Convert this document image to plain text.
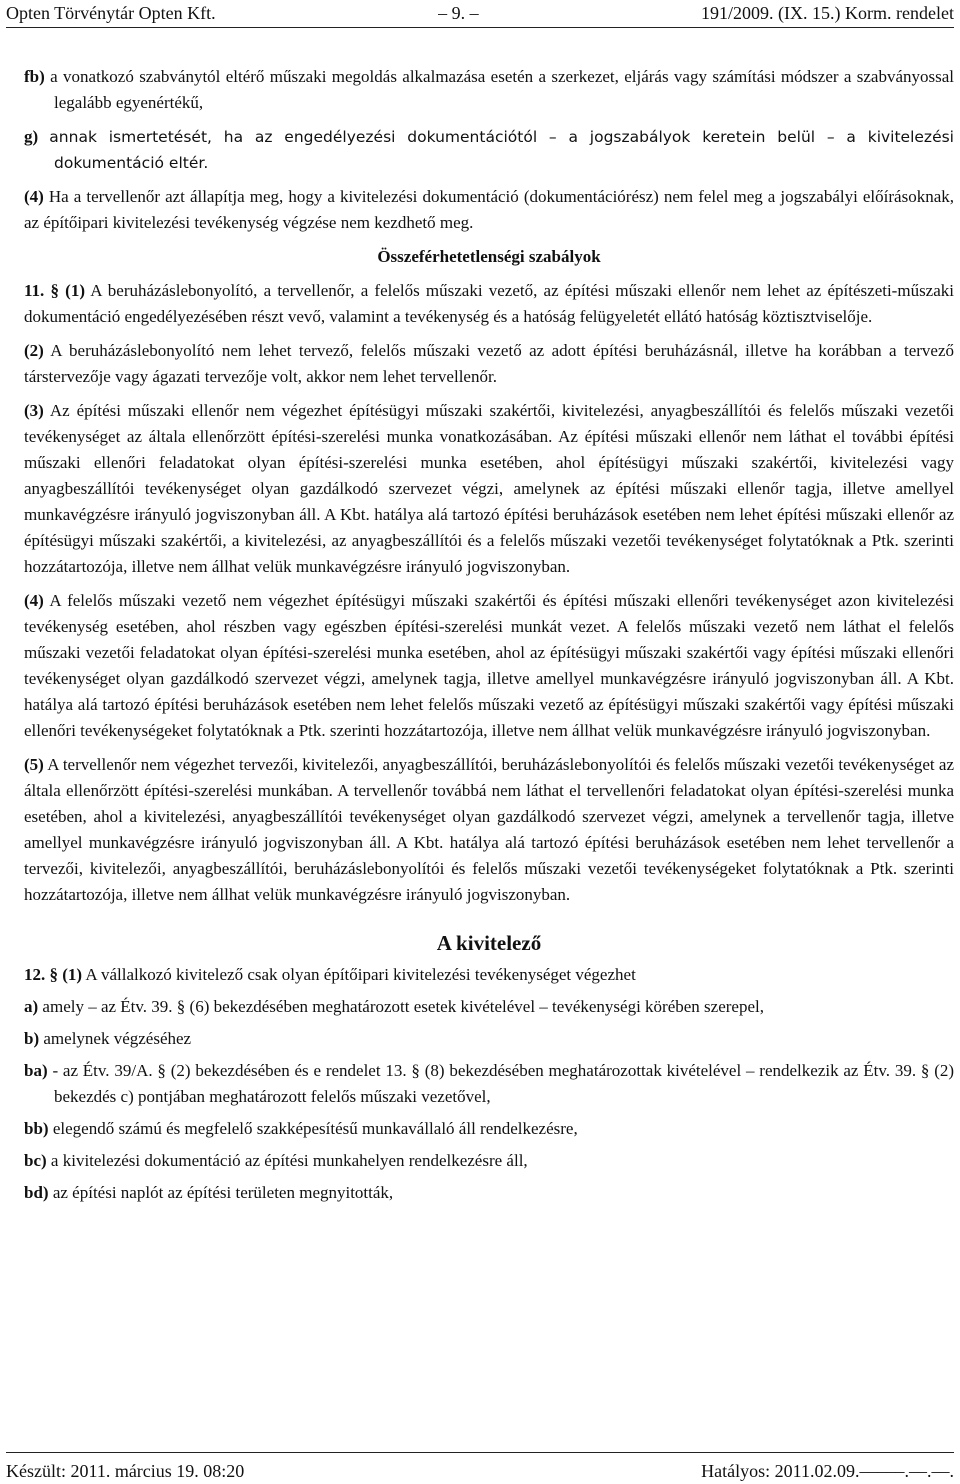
Opten Törvénytár Opten Kft.	– 9. –	191/2009. (IX. 15.) Korm. rendelet

fb) a vonatkozó szabványtól eltérő műszaki megoldás alkalmazása esetén a szerkezet, eljárás vagy számítási módszer a szabványossal legalább egyenértékű,

g) annak ismertetését, ha az engedélyezési dokumentációtól – a jogszabályok keretein belül – a kivitelezési dokumentáció eltér.

(4) Ha a tervellenőr azt állapítja meg, hogy a kivitelezési dokumentáció (dokumentációrész) nem felel meg a jogszabályi előírásoknak, az építőipari kivitelezési tevékenység végzése nem kezdhető meg.

Összeférhetetlenségi szabályok

11. § (1) A beruházáslebonyolító, a tervellenőr, a felelős műszaki vezető, az építési műszaki ellenőr nem lehet az építészeti-műszaki dokumentáció engedélyezésében részt vevő, valamint a tevékenység és a hatóság felügyeletét ellátó hatóság köztisztviselője.

(2) A beruházáslebonyolító nem lehet tervező, felelős műszaki vezető az adott építési beruházásnál, illetve ha korábban a tervező társtervezője vagy ágazati tervezője volt, akkor nem lehet tervellenőr.

(3) Az építési műszaki ellenőr nem végezhet építésügyi műszaki szakértői, kivitelezési, anyagbeszállítói és felelős műszaki vezetői tevékenységet az általa ellenőrzött építési-szerelési munka vonatkozásában. Az építési műszaki ellenőr nem láthat el további építési műszaki ellenőri feladatokat olyan építési-szerelési munka esetében, ahol építésügyi műszaki szakértői, kivitelezési vagy anyagbeszállítói tevékenységet olyan gazdálkodó szervezet végzi, amelynek az építési műszaki ellenőr tagja, illetve amellyel munkavégzésre irányuló jogviszonyban áll. A Kbt. hatálya alá tartozó építési beruházások esetében nem lehet építési műszaki ellenőr az építésügyi műszaki szakértői, a kivitelezési, az anyagbeszállítói és a felelős műszaki vezetői tevékenységet folytatóknak a Ptk. szerinti hozzátartozója, illetve nem állhat velük munkavégzésre irányuló jogviszonyban.

(4) A felelős műszaki vezető nem végezhet építésügyi műszaki szakértői és építési műszaki ellenőri tevékenységet azon kivitelezési tevékenység esetében, ahol részben vagy egészben építési-szerelési munkát vezet. A felelős műszaki vezető nem láthat el felelős műszaki vezetői feladatokat olyan építési-szerelési munka esetében, ahol az építésügyi műszaki szakértői vagy építési műszaki ellenőri tevékenységet olyan gazdálkodó szervezet végzi, amelynek tagja, illetve amellyel munkavégzésre irányuló jogviszonyban áll. A Kbt. hatálya alá tartozó építési beruházások esetében nem lehet felelős műszaki vezető az építésügyi műszaki szakértői vagy építési műszaki ellenőri tevékenységeket folytatóknak a Ptk. szerinti hozzátartozója, illetve nem állhat velük munkavégzésre irányuló jogviszonyban.

(5) A tervellenőr nem végezhet tervezői, kivitelezői, anyagbeszállítói, beruházáslebonyolítói és felelős műszaki vezetői tevékenységet az általa ellenőrzött építési-szerelési munkában. A tervellenőr továbbá nem láthat el tervellenőri feladatokat olyan építési-szerelési munka esetében, ahol a kivitelezési, anyagbeszállítói tevékenységet olyan gazdálkodó szervezet végzi, amelynek a tervellenőr tagja, illetve amellyel munkavégzésre irányuló jogviszonyban áll. A Kbt. hatálya alá tartozó építési beruházások esetében nem lehet tervellenőr a tervezői, kivitelezői, anyagbeszállítói, beruházáslebonyolítói és felelős műszaki vezetői tevékenységeket folytatóknak a Ptk. szerinti hozzátartozója, illetve nem állhat velük munkavégzésre irányuló jogviszonyban.

A kivitelező

12. § (1) A vállalkozó kivitelező csak olyan építőipari kivitelezési tevékenységet végezhet

a) amely – az Étv. 39. § (6) bekezdésében meghatározott esetek kivételével – tevékenységi körében szerepel,

b) amelynek végzéséhez

ba) - az Étv. 39/A. § (2) bekezdésében és e rendelet 13. § (8) bekezdésében meghatározottak kivételével – rendelkezik az Étv. 39. § (2) bekezdés c) pontjában meghatározott felelős műszaki vezetővel,

bb) elegendő számú és megfelelő szakképesítésű munkavállaló áll rendelkezésre,

bc) a kivitelezési dokumentáció az építési munkahelyen rendelkezésre áll,

bd) az építési naplót az építési területen megnyitották,

Készült: 2011. március 19. 08:20	Hatályos: 2011.02.09.–––––.––.––.
